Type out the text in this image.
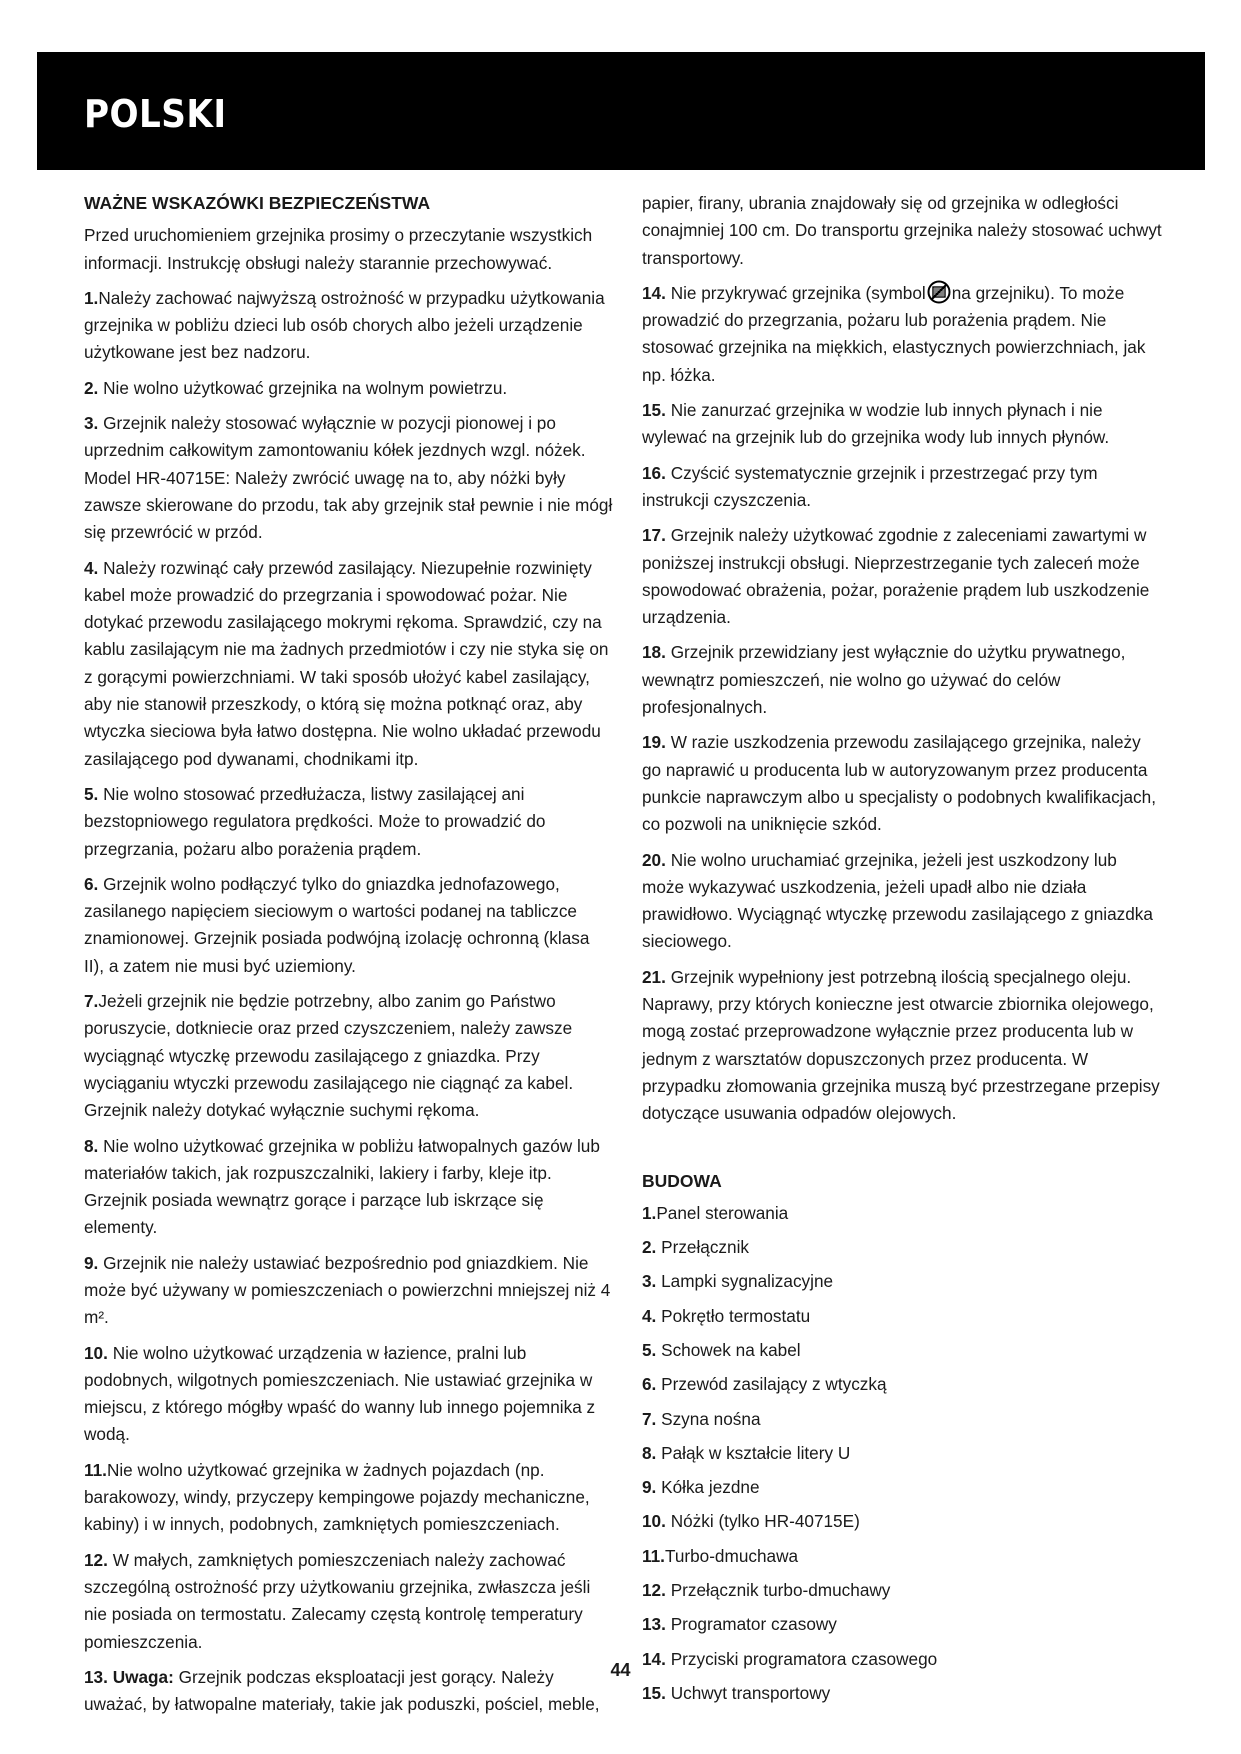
POLSKI
WAŻNE WSKAZÓWKI BEZPIECZEŃSTWA

Przed uruchomieniem grzejnika prosimy o przeczytanie wszystkich informacji. Instrukcję obsługi należy starannie przechowywać.

1.Należy zachować najwyższą ostrożność w przypadku użytkowania grzejnika w pobliżu dzieci lub osób chorych albo jeżeli urządzenie użytkowane jest bez nadzoru.

2. Nie wolno użytkować grzejnika na wolnym powietrzu.

3. Grzejnik należy stosować wyłącznie w pozycji pionowej i po uprzednim całkowitym zamontowaniu kółek jezdnych wzgl. nóżek. Model HR-40715E: Należy zwrócić uwagę na to, aby nóżki były zawsze skierowane do przodu, tak aby grzejnik stał pewnie i nie mógł się przewrócić w przód.

4. Należy rozwinąć cały przewód zasilający. Niezupełnie rozwinięty kabel może prowadzić do przegrzania i spowodować pożar. Nie dotykać przewodu zasilającego mokrymi rękoma. Sprawdzić, czy na kablu zasilającym nie ma żadnych przedmiotów i czy nie styka się on z gorącymi powierzchniami. W taki sposób ułożyć kabel zasilający, aby nie stanowił przeszkody, o którą się można potknąć oraz, aby wtyczka sieciowa była łatwo dostępna. Nie wolno układać przewodu zasilającego pod dywanami, chodnikami itp.

5. Nie wolno stosować przedłużacza, listwy zasilającej ani bezstopniowego regulatora prędkości. Może to prowadzić do przegrzania, pożaru albo porażenia prądem.

6. Grzejnik wolno podłączyć tylko do gniazdka jednofazowego, zasilanego napięciem sieciowym o wartości podanej na tabliczce znamionowej. Grzejnik posiada podwójną izolację ochronną (klasa II), a zatem nie musi być uziemiony.

7.Jeżeli grzejnik nie będzie potrzebny, albo zanim go Państwo poruszycie, dotkniecie oraz przed czyszczeniem, należy zawsze wyciągnąć wtyczkę przewodu zasilającego z gniazdka. Przy wyciąganiu wtyczki przewodu zasilającego nie ciągnąć za kabel. Grzejnik należy dotykać wyłącznie suchymi rękoma.

8. Nie wolno użytkować grzejnika w pobliżu łatwopalnych gazów lub materiałów takich, jak rozpuszczalniki, lakiery i farby, kleje itp. Grzejnik posiada wewnątrz gorące i parzące lub iskrzące się elementy.

9. Grzejnik nie należy ustawiać bezpośrednio pod gniazdkiem. Nie może być używany w pomieszczeniach o powierzchni mniejszej niż 4 m².

10. Nie wolno użytkować urządzenia w łazience, pralni lub podobnych, wilgotnych pomieszczeniach. Nie ustawiać grzejnika w miejscu, z którego mógłby wpaść do wanny lub innego pojemnika z wodą.

11.Nie wolno użytkować grzejnika w żadnych pojazdach (np. barakowozy, windy, przyczepy kempingowe pojazdy mechaniczne, kabiny) i w innych, podobnych, zamkniętych pomieszczeniach.

12. W małych, zamkniętych pomieszczeniach należy zachować szczególną ostrożność przy użytkowaniu grzejnika, zwłaszcza jeśli nie posiada on termostatu. Zalecamy częstą kontrolę temperatury pomieszczenia.

13. Uwaga: Grzejnik podczas eksploatacji jest gorący. Należy uważać, by łatwopalne materiały, takie jak poduszki, pościel, meble,

papier, firany, ubrania znajdowały się od grzejnika w odległości conajmniej 100 cm. Do transportu grzejnika należy stosować uchwyt transportowy.

14. Nie przykrywać grzejnika (symbol na grzejniku). To może prowadzić do przegrzania, pożaru lub porażenia prądem. Nie stosować grzejnika na miękkich, elastycznych powierzchniach, jak np. łóżka.

15. Nie zanurzać grzejnika w wodzie lub innych płynach i nie wylewać na grzejnik lub do grzejnika wody lub innych płynów.

16. Czyścić systematycznie grzejnik i przestrzegać przy tym instrukcji czyszczenia.

17. Grzejnik należy użytkować zgodnie z zaleceniami zawartymi w poniższej instrukcji obsługi. Nieprzestrzeganie tych zaleceń może spowodować obrażenia, pożar, porażenie prądem lub uszkodzenie urządzenia.

18. Grzejnik przewidziany jest wyłącznie do użytku prywatnego, wewnątrz pomieszczeń, nie wolno go używać do celów profesjonalnych.

19. W razie uszkodzenia przewodu zasilającego grzejnika, należy go naprawić u producenta lub w autoryzowanym przez producenta punkcie naprawczym albo u specjalisty o podobnych kwalifikacjach, co pozwoli na uniknięcie szkód.

20. Nie wolno uruchamiać grzejnika, jeżeli jest uszkodzony lub może wykazywać uszkodzenia, jeżeli upadł albo nie działa prawidłowo. Wyciągnąć wtyczkę przewodu zasilającego z gniazdka sieciowego.

21. Grzejnik wypełniony jest potrzebną ilością specjalnego oleju. Naprawy, przy których konieczne jest otwarcie zbiornika olejowego, mogą zostać przeprowadzone wyłącznie przez producenta lub w jednym z warsztatów dopuszczonych przez producenta. W przypadku złomowania grzejnika muszą być przestrzegane przepisy dotyczące usuwania odpadów olejowych.

BUDOWA
1.Panel sterowania
2. Przełącznik
3. Lampki sygnalizacyjne
4. Pokrętło termostatu
5. Schowek na kabel
6. Przewód zasilający z wtyczką
7. Szyna nośna
8. Pałąk w kształcie litery U
9. Kółka jezdne
10. Nóżki (tylko HR-40715E)
11.Turbo-dmuchawa
12. Przełącznik turbo-dmuchawy
13. Programator czasowy
14. Przyciski programatora czasowego
15. Uchwyt transportowy
44
